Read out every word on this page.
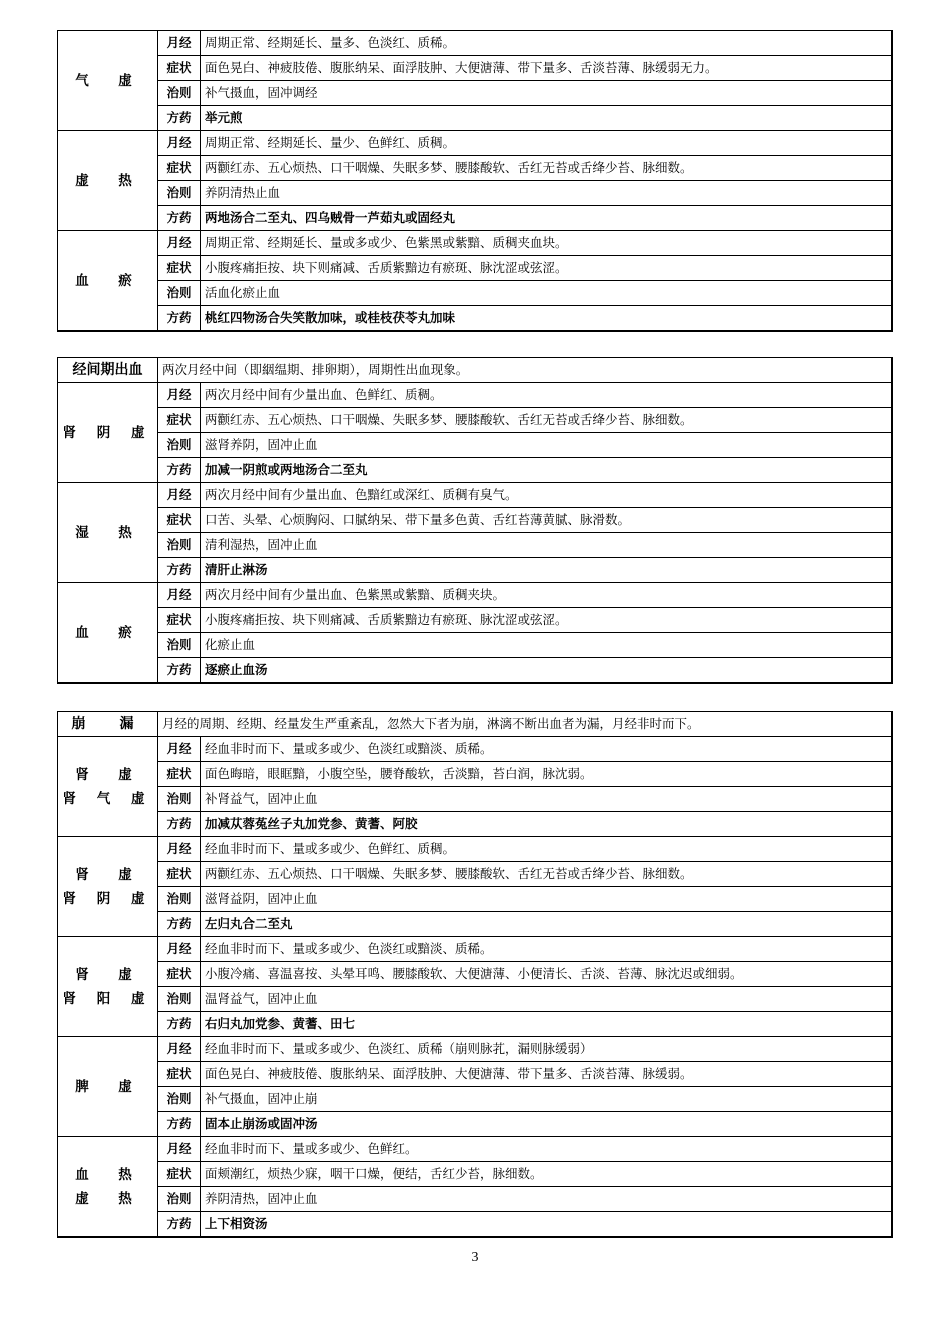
气　虚	月经	周期正常、经期延长、量多、色淡红、质稀。
	症状	面色晃白、神疲肢倦、腹胀纳呆、面浮肢肿、大便溏薄、带下量多、舌淡苔薄、脉缓弱无力。
	治则	补气摄血，固冲调经
	方药	举元煎

虚　热	月经	周期正常、经期延长、量少、色鲜红、质稠。
	症状	两颧红赤、五心烦热、口干咽燥、失眠多梦、腰膝酸软、舌红无苔或舌绛少苔、脉细数。
	治则	养阴清热止血
	方药	两地汤合二至丸、四乌贼骨一芦茹丸或固经丸

血　瘀	月经	周期正常、经期延长、量或多或少、色紫黑或紫黯、质稠夹血块。
	症状	小腹疼痛拒按、块下则痛减、舌质紫黯边有瘀斑、脉沈涩或弦涩。
	治则	活血化瘀止血
	方药	桃红四物汤合失笑散加味，或桂枝茯苓丸加味
经间期出血	两次月经中间（即絪缊期、排卵期），周期性出血现象。	

肾 阴 虚	月经	两次月经中间有少量出血、色鲜红、质稠。
	症状	两颧红赤、五心烦热、口干咽燥、失眠多梦、腰膝酸软、舌红无苔或舌绛少苔、脉细数。
	治则	滋肾养阴，固冲止血
	方药	加减一阴煎或两地汤合二至丸

湿　热	月经	两次月经中间有少量出血、色黯红或深红、质稠有臭气。
	症状	口苦、头晕、心烦胸闷、口腻纳呆、带下量多色黄、舌红苔薄黄腻、脉滑数。
	治则	清利湿热，固冲止血
	方药	清肝止淋汤

血　瘀	月经	两次月经中间有少量出血、色紫黑或紫黯、质稠夹块。
	症状	小腹疼痛拒按、块下则痛减、舌质紫黯边有瘀斑、脉沈涩或弦涩。
	治则	化瘀止血
	方药	逐瘀止血汤
崩　漏	月经的周期、经期、经量发生严重紊乱，忽然大下者为崩，淋漓不断出血者为漏，月经非时而下。	

肾　虚
肾 气 虚	月经	经血非时而下、量或多或少、色淡红或黯淡、质稀。
	症状	面色晦暗，眼眶黯，小腹空坠，腰脊酸软，舌淡黯，苔白润，脉沈弱。
	治则	补肾益气，固冲止血
	方药	加减苁蓉菟丝子丸加党参、黄蓍、阿胶

肾　虚
肾 阴 虚	月经	经血非时而下、量或多或少、色鲜红、质稠。
	症状	两颧红赤、五心烦热、口干咽燥、失眠多梦、腰膝酸软、舌红无苔或舌绛少苔、脉细数。
	治则	滋肾益阴，固冲止血
	方药	左归丸合二至丸

肾　虚
肾 阳 虚	月经	经血非时而下、量或多或少、色淡红或黯淡、质稀。
	症状	小腹冷痛、喜温喜按、头晕耳鸣、腰膝酸软、大便溏薄、小便清长、舌淡、苔薄、脉沈迟或细弱。
	治则	温肾益气，固冲止血
	方药	右归丸加党参、黄蓍、田七

脾　虚	月经	经血非时而下、量或多或少、色淡红、质稀（崩则脉芤，漏则脉缓弱）
	症状	面色晃白、神疲肢倦、腹胀纳呆、面浮肢肿、大便溏薄、带下量多、舌淡苔薄、脉缓弱。
	治则	补气摄血，固冲止崩
	方药	固本止崩汤或固冲汤

血　热
虚　热	月经	经血非时而下、量或多或少、色鲜红。
	症状	面颊潮红，烦热少寐，咽干口燥，便结，舌红少苔，脉细数。
	治则	养阴清热，固冲止血
	方药	上下相资汤
3
